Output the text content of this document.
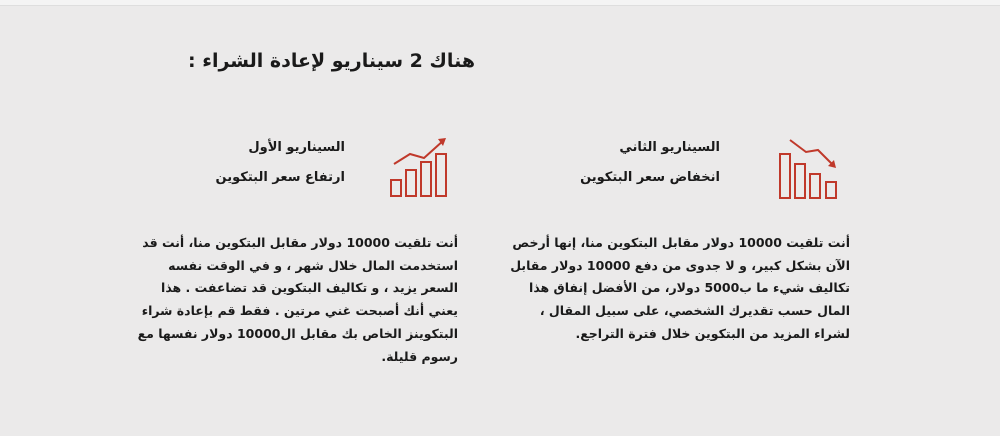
هناك 2 سيناريو لإعادة الشراء :
السيناريو الأول
ارتفاع سعر البتكوين
أنت تلقيت 10000 دولار مقابل البتكوين منا، أنت قد استخدمت المال خلال شهر ، و في الوقت نفسه السعر يزيد ، و تكاليف البتكوين قد تضاعفت . هذا يعني أنك أصبحت غني مرتين . فقط قم بإعادة شراء البتكوينز الخاص بك مقابل ال10000 دولار نفسها مع رسوم قليلة.
السيناريو الثاني
انخفاض سعر البتكوين
أنت تلقيت 10000 دولار مقابل البتكوين منا، إنها أرخص الآن بشكل كبير، و لا جدوى من دفع 10000 دولار مقابل تكاليف شيء ما ب5000 دولار، من الأفضل إنفاق هذا المال حسب تقديرك الشخصي، على سبيل المقال ، لشراء المزيد من البتكوين خلال فترة التراجع.
